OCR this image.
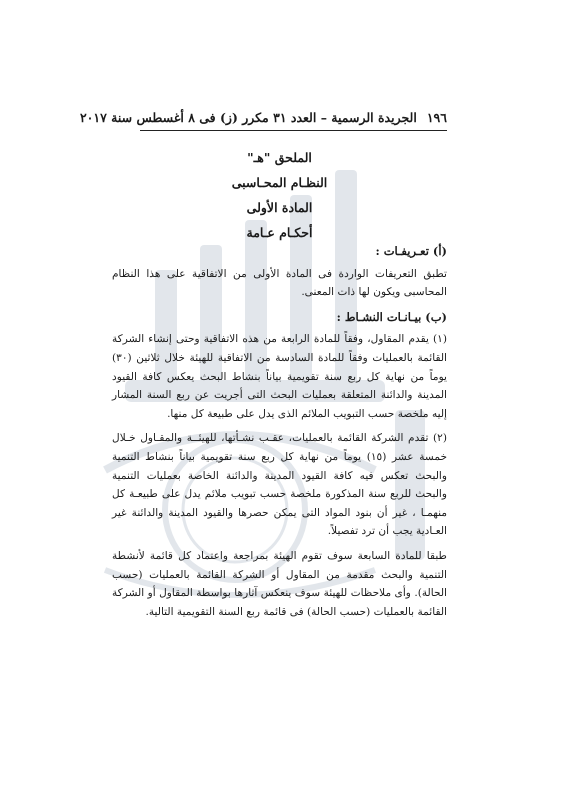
١٩٦
الجريدة الرسمية – العدد ٣١ مكرر (ز) فى ٨ أغسطس سنة ٢٠١٧
الملحق "هـ"
النظـام المحـاسبى
المادة الأولى
أحكـام عـامة

(أ) تعـريفـات :

تطبق التعريفات الواردة فى المادة الأولى من الاتفاقية على هذا النظام المحاسبى ويكون لها ذات المعنى.

(ب) بيـانـات النشـاط :

(١) يقدم المقاول، وفقاً للمادة الرابعة من هذه الاتفاقية وحتى إنشاء الشركة القائمة بالعمليات وفقاً للمادة السادسة من الاتفاقية للهيئة خلال ثلاثين (٣٠) يوماً من نهاية كل ربع سنة تقويمية بياناً بنشاط البحث يعكس كافة القيود المدينة والدائنة المتعلقة بعمليات البحث التى أجريت عن ربع السنة المشار إليه ملخصة حسب التبويب الملائم الذى يدل على طبيعة كل منها.

(٢) تقدم الشركة القائمة بالعمليات، عقـب نشـأتها، للهيئــة والمقـاول خـلال خمسة عشر (١٥) يوماً من نهاية كل ربع سنة تقويمية بياناً بنشاط التنمية والبحث تعكس فيه كافة القيود المدينة والدائنة الخاصة بعمليات التنمية والبحث للربع سنة المذكورة ملخصة حسب تبويب ملائم يدل على طبيعـة كل منهمـا ، غير أن بنود المواد التى يمكن حصرها والقيود المدينة والدائنة غير العـادية يجب أن ترد تفصيلاً.

طبقا للمادة السابعة سوف تقوم الهيئة بمراجعة واعتماد كل قائمة لأنشطة التنمية والبحث مقدمة من المقاول أو الشركة القائمة بالعمليات (حسب الحالة). وأى ملاحظات للهيئة سوف ينعكس آثارها بواسطة المقاول أو الشركة القائمة بالعمليات (حسب الحالة) فى قائمة ربع السنة التقويمية التالية.
